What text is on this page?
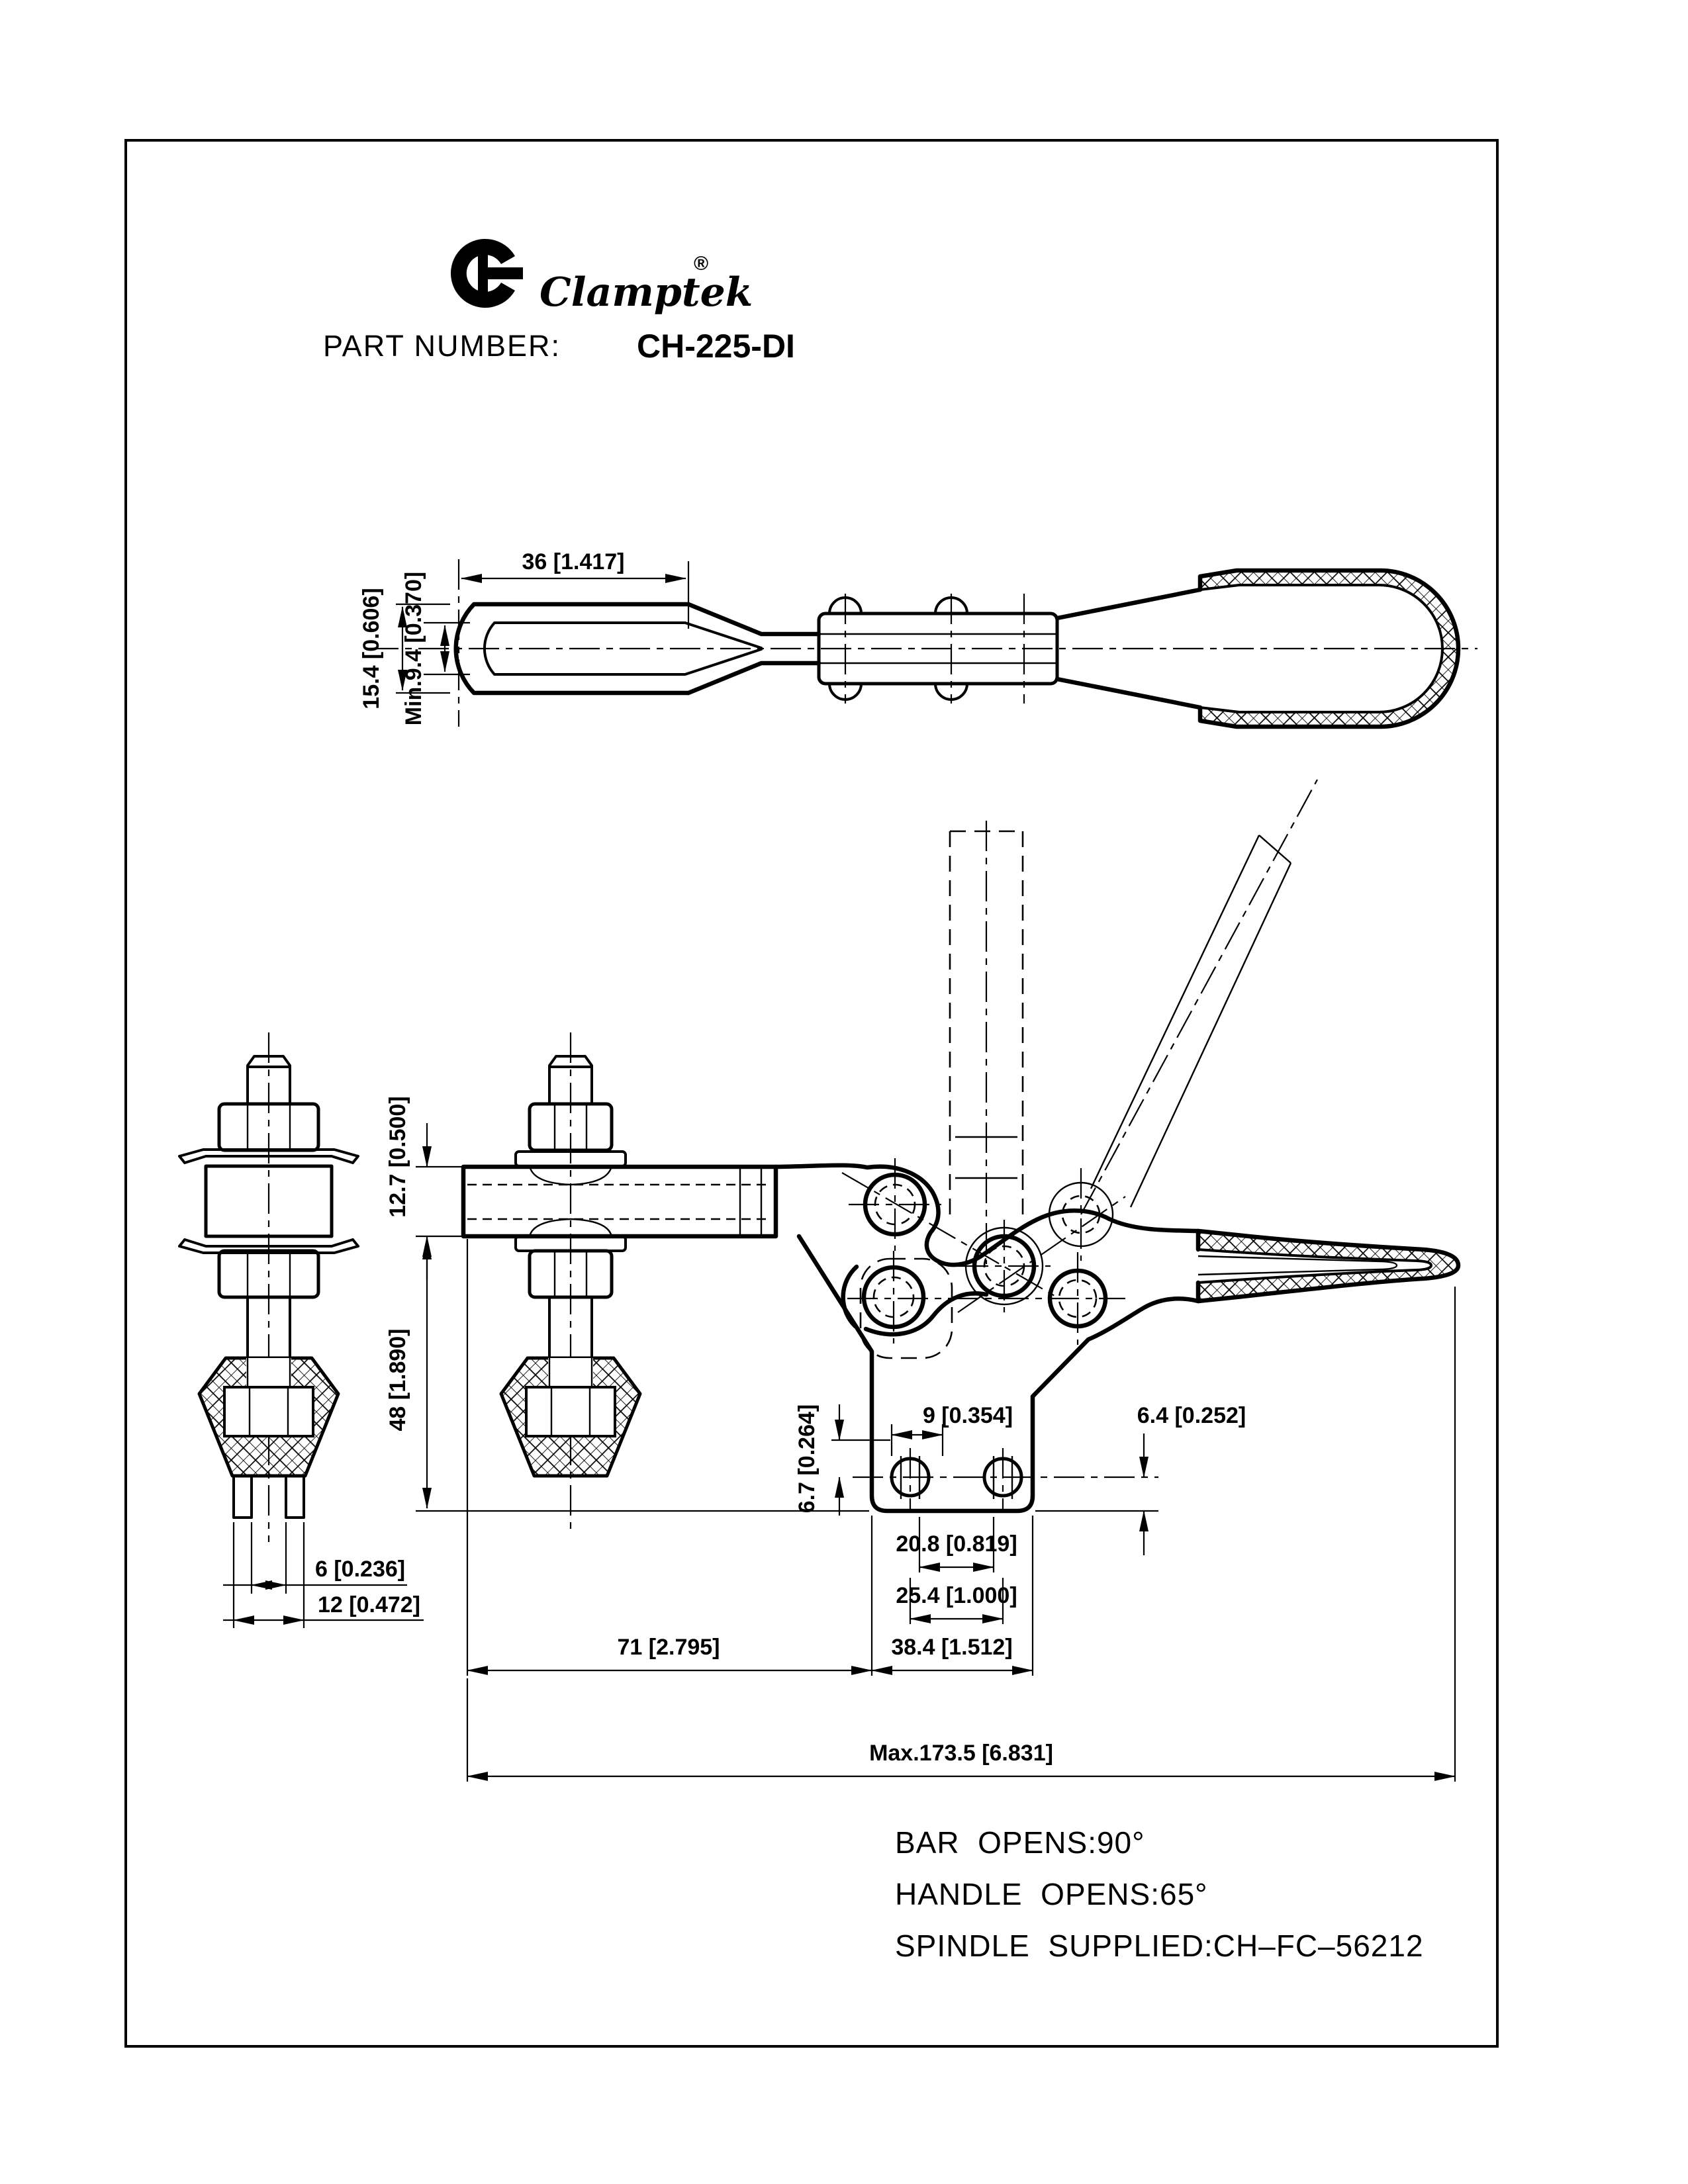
Clamptek
®
PART NUMBER: CH-225-DI
36 [1.417]
15.4 [0.606] Min.9.4 [0.370]
6 [0.236]
12 [0.472]
12.7 [0.500]
48 [1.890]	9 [0.354]	6.4 [0.252]
6.7 [0.264]
20.8 [0.819]
25.4 [1.000]
38.4 [1.512]
71 [2.795]
Max.173.5 [6.831]
BAR  OPENS:90°
HANDLE  OPENS:65°
SPINDLE  SUPPLIED:CH–FC–56212
